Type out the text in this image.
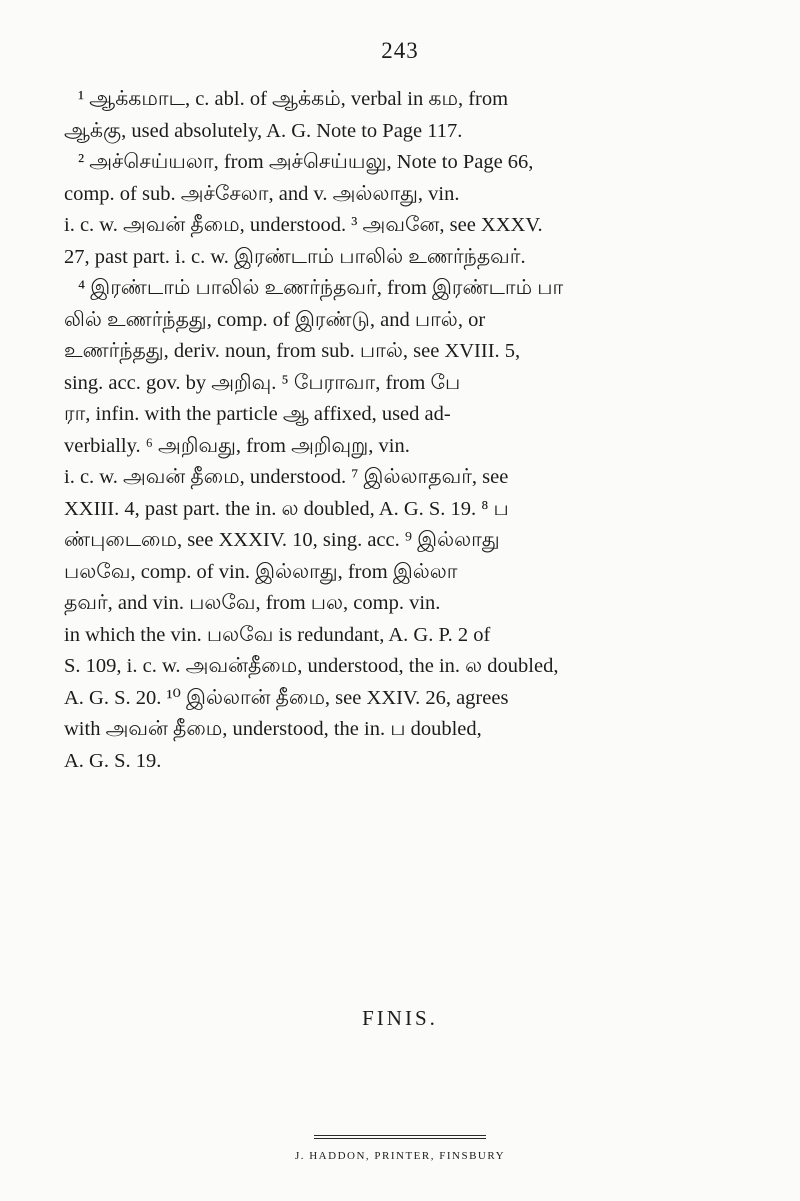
243
¹ ஆக்கமாட, c. abl. of ஆக்கம், verbal in கம, from
ஆக்கு, used absolutely, A. G. Note to Page 117.
² அச்செய்யலா, from அச்செய்யலு, Note to Page 66,
comp. of sub. அச்சேலா, and v. அல்லாது, vin.
i. c. w. அவன் தீமை, understood. ³ அவனே, see XXXV.
27, past part. i. c. w. இரண்டாம் பாலில் உணர்ந்தவர்.
⁴ இரண்டாம் பாலில் உணர்ந்தவர், from இரண்டாம் பா
லில் உணர்ந்தது, comp. of இரண்டு, and பால், or
உணர்ந்தது, deriv. noun, from sub. பால், see XVIII. 5,
sing. acc. gov. by அறிவு. ⁵ பேராவா, from பே
ரா, infin. with the particle ஆ affixed, used ad-
verbially. ⁶ அறிவது, from அறிவுறு, vin.
i. c. w. அவன் தீமை, understood. ⁷ இல்லாதவர், see
XXIII. 4, past part. the in. ல doubled, A. G. S. 19. ⁸ ப
ண்புடைமை, see XXXIV. 10, sing. acc. ⁹ இல்லாது
பலவே, comp. of vin. இல்லாது, from இல்லா
தவர், and vin. பலவே, from பல, comp. vin.
in which the vin. பலவே is redundant, A. G. P. 2 of
S. 109, i. c. w. அவன்தீமை, understood, the in. ல doubled,
A. G. S. 20. ¹⁰ இல்லான் தீமை, see XXIV. 26, agrees
with அவன் தீமை, understood, the in. ப doubled,
A. G. S. 19.
FINIS.
J. HADDON, PRINTER, FINSBURY
